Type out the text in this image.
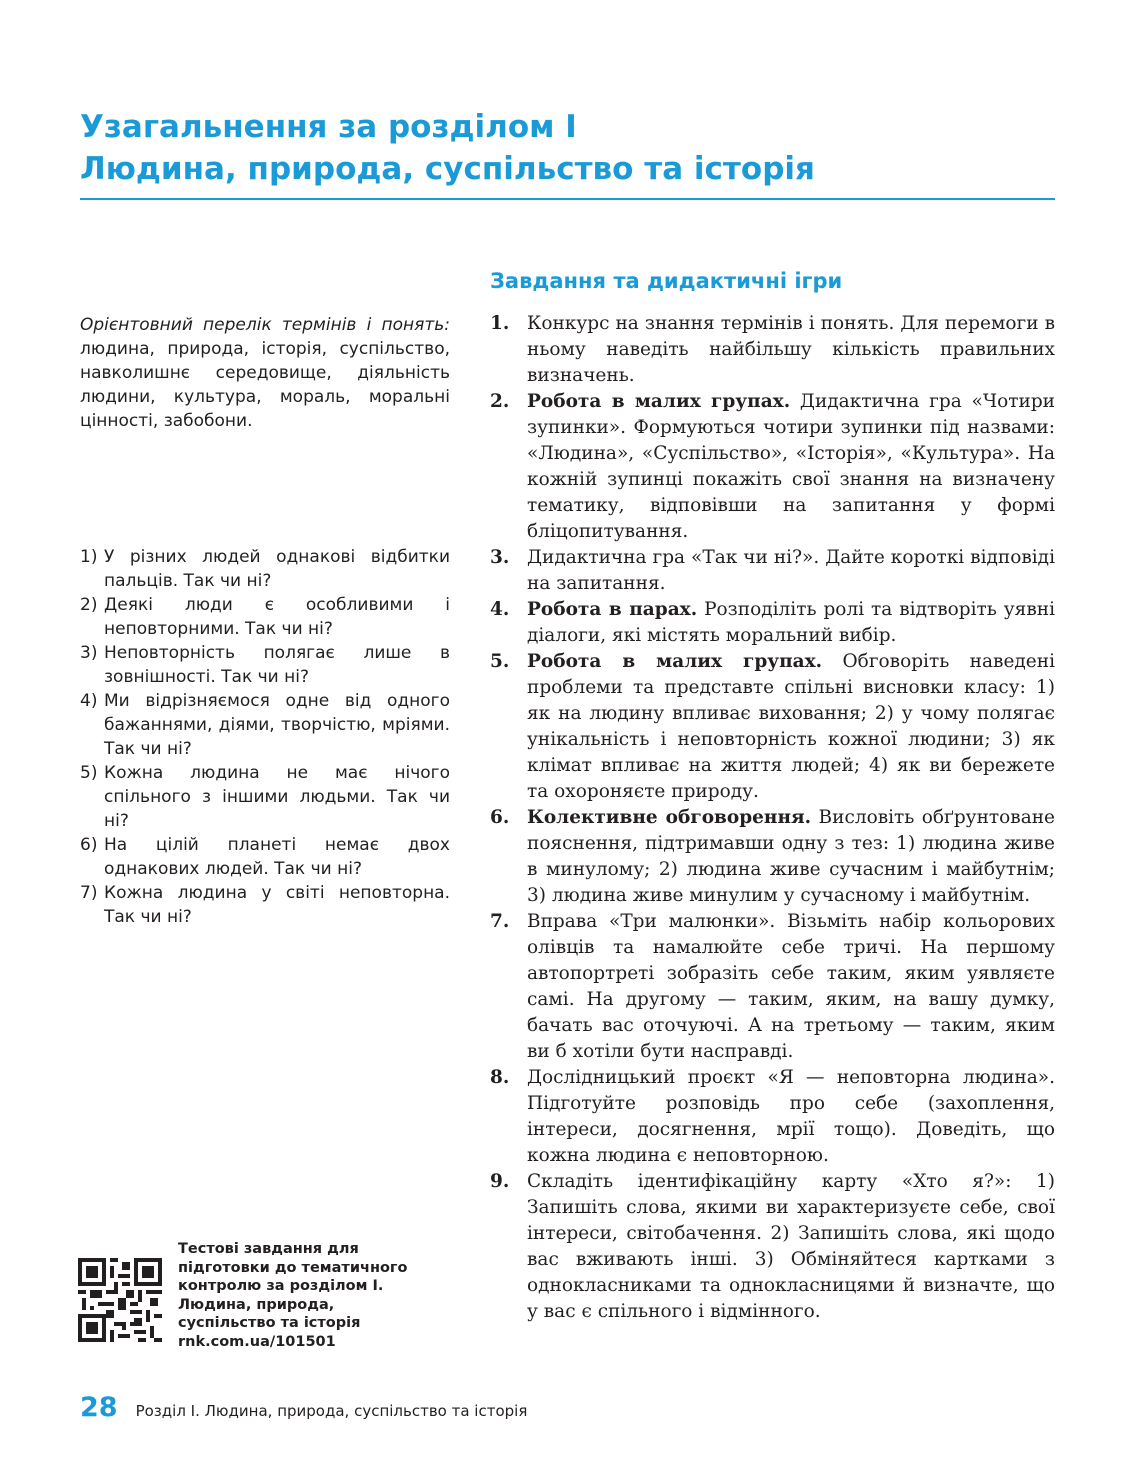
Узагальнення за розділом І
Людина, природа, суспільство та історія

Орієнтовний перелік термінів і понять: людина, природа, історія, суспільство, навколишнє середовище, діяльність людини, культура, мораль, моральні цінності, забобони.

1) У різних людей однакові відбитки пальців. Так чи ні?
2) Деякі люди є особливими і неповторними. Так чи ні?
3) Неповторність полягає лише в зовнішності. Так чи ні?
4) Ми відрізняємося одне від одного бажаннями, діями, творчістю, мріями. Так чи ні?
5) Кожна людина не має нічого спільного з іншими людьми. Так чи ні?
6) На цілій планеті немає двох однакових людей. Так чи ні?
7) Кожна людина у світі неповторна. Так чи ні?
Завдання та дидактичні ігри
1. Конкурс на знання термінів і понять. Для перемоги в ньому наведіть найбільшу кількість правильних визначень.
2. Робота в малих групах. Дидактична гра «Чотири зупинки». Формуються чотири зупинки під назвами: «Людина», «Суспільство», «Історія», «Культура». На кожній зупинці покажіть свої знання на визначену тематику, відповівши на запитання у формі бліцопитування.
3. Дидактична гра «Так чи ні?». Дайте короткі відповіді на запитання.
4. Робота в парах. Розподіліть ролі та відтворіть уявні діалоги, які містять моральний вибір.
5. Робота в малих групах. Обговоріть наведені проблеми та представте спільні висновки класу: 1) як на людину впливає виховання; 2) у чому полягає унікальність і неповторність кожної людини; 3) як клімат впливає на життя людей; 4) як ви бережете та охороняєте природу.
6. Колективне обговорення. Висловіть обґрунтоване пояснення, підтримавши одну з тез: 1) людина живе в минулому; 2) людина живе сучасним і майбутнім; 3) людина живе минулим у сучасному і майбутнім.
7. Вправа «Три малюнки». Візьміть набір кольорових олівців та намалюйте себе тричі. На першому автопортреті зобразіть себе таким, яким уявляєте самі. На другому — таким, яким, на вашу думку, бачать вас оточуючі. А на третьому — таким, яким ви б хотіли бути насправді.
8. Дослідницький проєкт «Я — неповторна людина». Підготуйте розповідь про себе (захоплення, інтереси, досягнення, мрії тощо). Доведіть, що кожна людина є неповторною.
9. Складіть ідентифікаційну карту «Хто я?»: 1) Запишіть слова, якими ви характеризуєте себе, свої інтереси, світобачення. 2) Запишіть слова, які щодо вас вживають інші. 3) Обміняйтеся картками з однокласниками та однокласницями й визначте, що у вас є спільного і відмінного.

Тестові завдання для
підготовки до тематичного
контролю за розділом І.
Людина, природа,
суспільство та історія
rnk.com.ua/101501

28 Розділ І. Людина, природа, суспільство та історія
